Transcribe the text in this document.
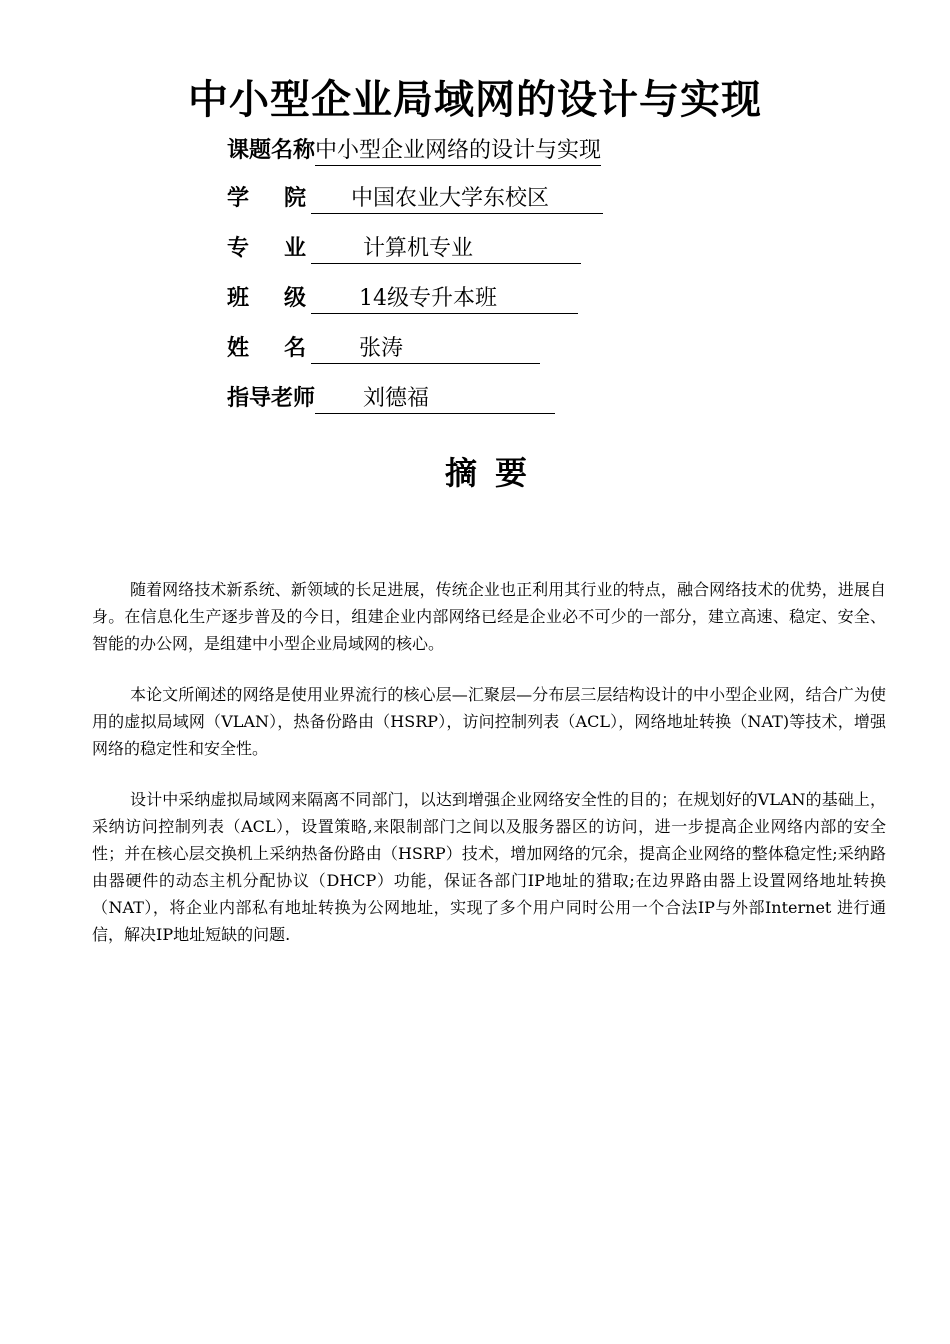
中小型企业局域网的设计与实现
课题名称 中小型企业网络的设计与实现
学 院	中国农业大学东校区
专 业	计算机专业
班 级	14级专升本班
姓 名	张涛
指导老师	刘德福
摘要

随着网络技术新系统、新领域的长足进展，传统企业也正利用其行业的特点，融合网络技术的优势，进展自身。在信息化生产逐步普及的今日，组建企业内部网络已经是企业必不可少的一部分，建立高速、稳定、安全、智能的办公网，是组建中小型企业局域网的核心。

本论文所阐述的网络是使用业界流行的核心层—汇聚层—分布层三层结构设计的中小型企业网，结合广为使用的虚拟局域网（VLAN），热备份路由（HSRP），访问控制列表（ACL），网络地址转换（NAT)等技术，增强网络的稳定性和安全性。

设计中采纳虚拟局域网来隔离不同部门，以达到增强企业网络安全性的目的；在规划好的VLAN的基础上，采纳访问控制列表（ACL），设置策略,来限制部门之间以及服务器区的访问，进一步提高企业网络内部的安全性；并在核心层交换机上采纳热备份路由（HSRP）技术，增加网络的冗余，提高企业网络的整体稳定性;采纳路由器硬件的动态主机分配协议（DHCP）功能，保证各部门IP地址的猎取;在边界路由器上设置网络地址转换（NAT），将企业内部私有地址转换为公网地址，实现了多个用户同时公用一个合法IP与外部Internet 进行通信，解决IP地址短缺的问题.
